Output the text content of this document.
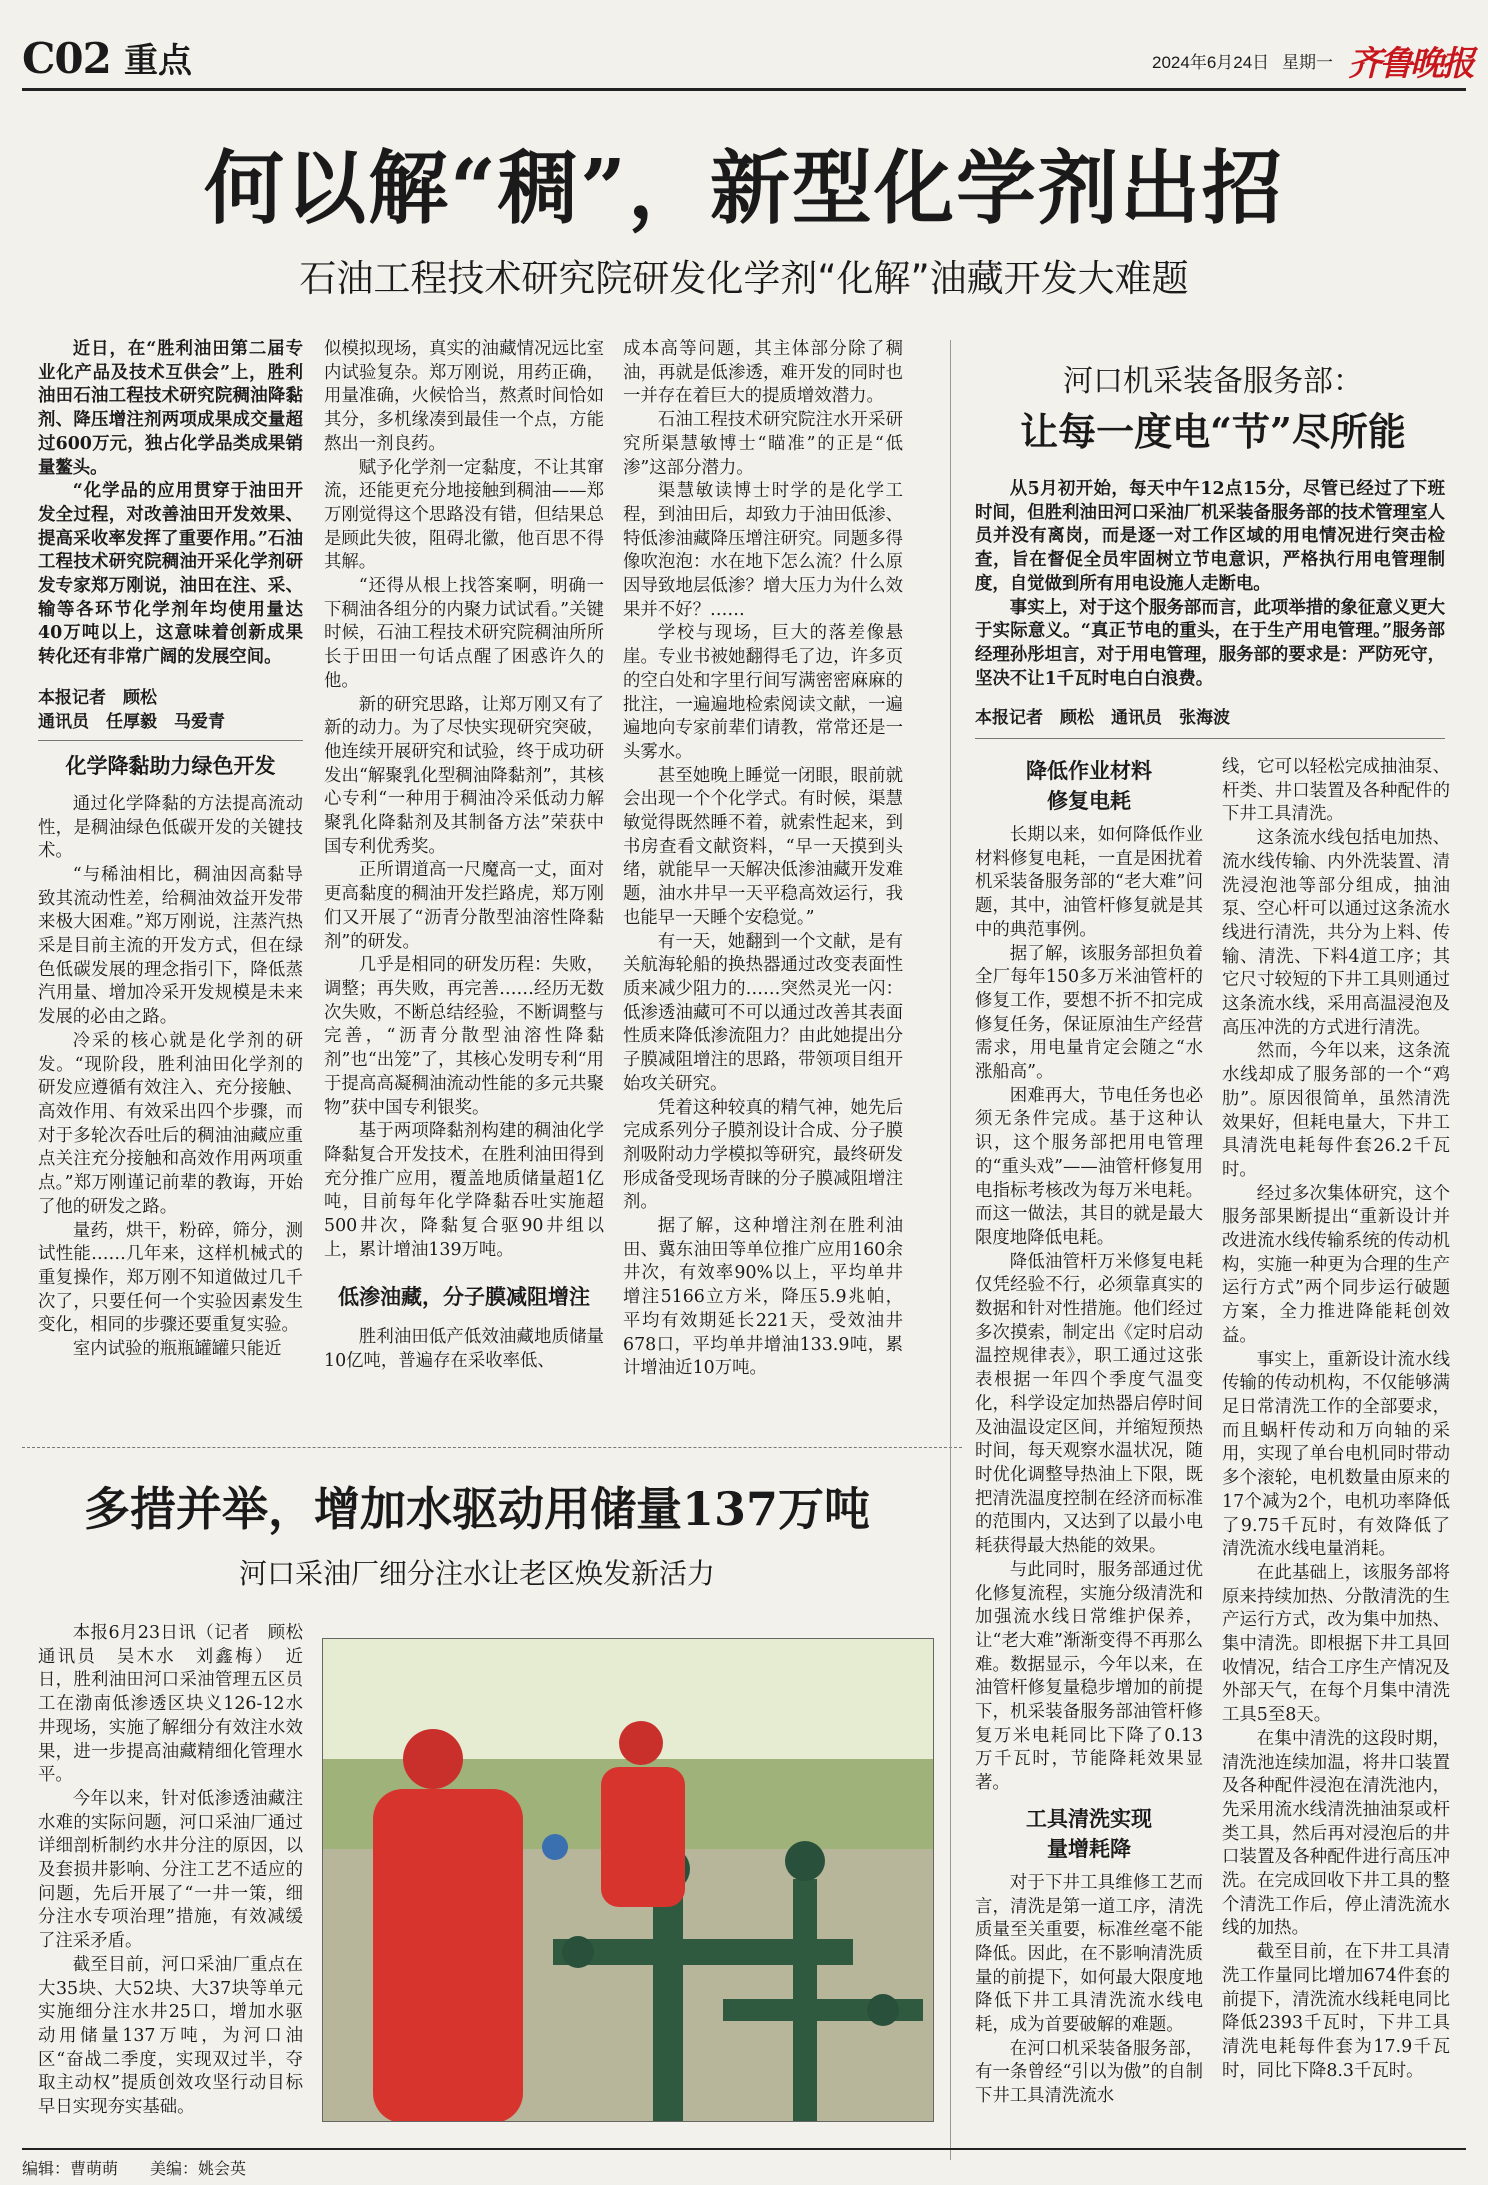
C02 重点	2024年6月24日 星期一 齐鲁晚报
何以解“稠”，新型化学剂出招
石油工程技术研究院研发化学剂“化解”油藏开发大难题

近日，在“胜利油田第二届专业化产品及技术互供会”上，胜利油田石油工程技术研究院稠油降黏剂、降压增注剂两项成果成交量超过600万元，独占化学品类成果销量鳌头。

“化学品的应用贯穿于油田开发全过程，对改善油田开发效果、提高采收率发挥了重要作用。”石油工程技术研究院稠油开采化学剂研发专家郑万刚说，油田在注、采、输等各环节化学剂年均使用量达40万吨以上，这意味着创新成果转化还有非常广阔的发展空间。

本报记者　顾松
通讯员　任厚毅　马爱青
化学降黏助力绿色开发

通过化学降黏的方法提高流动性，是稠油绿色低碳开发的关键技术。

“与稀油相比，稠油因高黏导致其流动性差，给稠油效益开发带来极大困难。”郑万刚说，注蒸汽热采是目前主流的开发方式，但在绿色低碳发展的理念指引下，降低蒸汽用量、增加冷采开发规模是未来发展的必由之路。

冷采的核心就是化学剂的研发。“现阶段，胜利油田化学剂的研发应遵循有效注入、充分接触、高效作用、有效采出四个步骤，而对于多轮次吞吐后的稠油油藏应重点关注充分接触和高效作用两项重点。”郑万刚谨记前辈的教诲，开始了他的研发之路。

量药，烘干，粉碎，筛分，测试性能……几年来，这样机械式的重复操作，郑万刚不知道做过几千次了，只要任何一个实验因素发生变化，相同的步骤还要重复实验。

室内试验的瓶瓶罐罐只能近

似模拟现场，真实的油藏情况远比室内试验复杂。郑万刚说，用药正确，用量准确，火候恰当，熬煮时间恰如其分，多机缘凑到最佳一个点，方能熬出一剂良药。

赋予化学剂一定黏度，不让其窜流，还能更充分地接触到稠油——郑万刚觉得这个思路没有错，但结果总是顾此失彼，阻碍北徽，他百思不得其解。

“还得从根上找答案啊，明确一下稠油各组分的内聚力试试看。”关键时候，石油工程技术研究院稠油所所长于田田一句话点醒了困惑许久的他。

新的研究思路，让郑万刚又有了新的动力。为了尽快实现研究突破，他连续开展研究和试验，终于成功研发出“解聚乳化型稠油降黏剂”，其核心专利“一种用于稠油冷采低动力解聚乳化降黏剂及其制备方法”荣获中国专利优秀奖。

正所谓道高一尺魔高一丈，面对更高黏度的稠油开发拦路虎，郑万刚们又开展了“沥青分散型油溶性降黏剂”的研发。

几乎是相同的研发历程：失败，调整；再失败，再完善……经历无数次失败，不断总结经验，不断调整与完善，“沥青分散型油溶性降黏剂”也“出笼”了，其核心发明专利“用于提高高凝稠油流动性能的多元共聚物”获中国专利银奖。

基于两项降黏剂构建的稠油化学降黏复合开发技术，在胜利油田得到充分推广应用，覆盖地质储量超1亿吨，目前每年化学降黏吞吐实施超500井次，降黏复合驱90井组以上，累计增油139万吨。

低渗油藏，分子膜减阻增注

胜利油田低产低效油藏地质储量10亿吨，普遍存在采收率低、

成本高等问题，其主体部分除了稠油，再就是低渗透，难开发的同时也一并存在着巨大的提质增效潜力。

石油工程技术研究院注水开采研究所渠慧敏博士“瞄准”的正是“低渗”这部分潜力。

渠慧敏读博士时学的是化学工程，到油田后，却致力于油田低渗、特低渗油藏降压增注研究。同题多得像吹泡泡：水在地下怎么流？什么原因导致地层低渗？增大压力为什么效果并不好？……

学校与现场，巨大的落差像悬崖。专业书被她翻得毛了边，许多页的空白处和字里行间写满密密麻麻的批注，一遍遍地检索阅读文献，一遍遍地向专家前辈们请教，常常还是一头雾水。

甚至她晚上睡觉一闭眼，眼前就会出现一个个化学式。有时候，渠慧敏觉得既然睡不着，就索性起来，到书房查看文献资料，“早一天摸到头绪，就能早一天解决低渗油藏开发难题，油水井早一天平稳高效运行，我也能早一天睡个安稳觉。”

有一天，她翻到一个文献，是有关航海轮船的换热器通过改变表面性质来减少阻力的……突然灵光一闪：低渗透油藏可不可以通过改善其表面性质来降低渗流阻力？由此她提出分子膜减阻增注的思路，带领项目组开始攻关研究。

凭着这种较真的精气神，她先后完成系列分子膜剂设计合成、分子膜剂吸附动力学模拟等研究，最终研发形成备受现场青睐的分子膜减阻增注剂。

据了解，这种增注剂在胜利油田、冀东油田等单位推广应用160余井次，有效率90%以上，平均单井增注5166立方米，降压5.9兆帕，平均有效期延长221天，受效油井678口，平均单井增油133.9吨，累计增油近10万吨。

河口机采装备服务部：
让每一度电“节”尽所能

从5月初开始，每天中午12点15分，尽管已经过了下班时间，但胜利油田河口采油厂机采装备服务部的技术管理室人员并没有离岗，而是逐一对工作区域的用电情况进行突击检查，旨在督促全员牢固树立节电意识，严格执行用电管理制度，自觉做到所有用电设施人走断电。

事实上，对于这个服务部而言，此项举措的象征意义更大于实际意义。“真正节电的重头，在于生产用电管理。”服务部经理孙彤坦言，对于用电管理，服务部的要求是：严防死守，坚决不让1千瓦时电白白浪费。

本报记者　顾松　通讯员　张海波
降低作业材料
修复电耗

长期以来，如何降低作业材料修复电耗，一直是困扰着机采装备服务部的“老大难”问题，其中，油管杆修复就是其中的典范事例。

据了解，该服务部担负着全厂每年150多万米油管杆的修复工作，要想不折不扣完成修复任务，保证原油生产经营需求，用电量肯定会随之“水涨船高”。

困难再大，节电任务也必须无条件完成。基于这种认识，这个服务部把用电管理的“重头戏”——油管杆修复用电指标考核改为每万米电耗。而这一做法，其目的就是最大限度地降低电耗。

降低油管杆万米修复电耗仅凭经验不行，必须靠真实的数据和针对性措施。他们经过多次摸索，制定出《定时启动温控规律表》，职工通过这张表根据一年四个季度气温变化，科学设定加热器启停时间及油温设定区间，并缩短预热时间，每天观察水温状况，随时优化调整导热油上下限，既把清洗温度控制在经济而标准的范围内，又达到了以最小电耗获得最大热能的效果。

与此同时，服务部通过优化修复流程，实施分级清洗和加强流水线日常维护保养，让“老大难”渐渐变得不再那么难。数据显示，今年以来，在油管杆修复量稳步增加的前提下，机采装备服务部油管杆修复万米电耗同比下降了0.13万千瓦时，节能降耗效果显著。

工具清洗实现
量增耗降

对于下井工具维修工艺而言，清洗是第一道工序，清洗质量至关重要，标准丝毫不能降低。因此，在不影响清洗质量的前提下，如何最大限度地降低下井工具清洗流水线电耗，成为首要破解的难题。

在河口机采装备服务部，有一条曾经“引以为傲”的自制下井工具清洗流水

线，它可以轻松完成抽油泵、杆类、井口装置及各种配件的下井工具清洗。

这条流水线包括电加热、流水线传输、内外洗装置、清洗浸泡池等部分组成，抽油泵、空心杆可以通过这条流水线进行清洗，共分为上料、传输、清洗、下料4道工序；其它尺寸较短的下井工具则通过这条流水线，采用高温浸泡及高压冲洗的方式进行清洗。

然而，今年以来，这条流水线却成了服务部的一个“鸡肋”。原因很简单，虽然清洗效果好，但耗电量大，下井工具清洗电耗每件套26.2千瓦时。

经过多次集体研究，这个服务部果断提出“重新设计并改进流水线传输系统的传动机构，实施一种更为合理的生产运行方式”两个同步运行破题方案，全力推进降能耗创效益。

事实上，重新设计流水线传输的传动机构，不仅能够满足日常清洗工作的全部要求，而且蜗杆传动和万向轴的采用，实现了单台电机同时带动多个滚轮，电机数量由原来的17个减为2个，电机功率降低了9.75千瓦时，有效降低了清洗流水线电量消耗。

在此基础上，该服务部将原来持续加热、分散清洗的生产运行方式，改为集中加热、集中清洗。即根据下井工具回收情况，结合工序生产情况及外部天气，在每个月集中清洗工具5至8天。

在集中清洗的这段时期，清洗池连续加温，将井口装置及各种配件浸泡在清洗池内，先采用流水线清洗抽油泵或杆类工具，然后再对浸泡后的井口装置及各种配件进行高压冲洗。在完成回收下井工具的整个清洗工作后，停止清洗流水线的加热。

截至目前，在下井工具清洗工作量同比增加674件套的前提下，清洗流水线耗电同比降低2393千瓦时，下井工具清洗电耗每件套为17.9千瓦时，同比下降8.3千瓦时。

多措并举，增加水驱动用储量137万吨
河口采油厂细分注水让老区焕发新活力

本报6月23日讯（记者　顾松　通讯员　吴木水　刘鑫梅）　近日，胜利油田河口采油管理五区员工在渤南低渗透区块义126-12水井现场，实施了解细分有效注水效果，进一步提高油藏精细化管理水平。

今年以来，针对低渗透油藏注水难的实际问题，河口采油厂通过详细剖析制约水井分注的原因，以及套损井影响、分注工艺不适应的问题，先后开展了“一井一策，细分注水专项治理”措施，有效减缓了注采矛盾。

截至目前，河口采油厂重点在大35块、大52块、大37块等单元实施细分注水井25口，增加水驱动用储量137万吨，为河口油区“奋战二季度，实现双过半，夺取主动权”提质创效攻坚行动目标早日实现夯实基础。

编辑：曹萌萌 美编：姚会英
